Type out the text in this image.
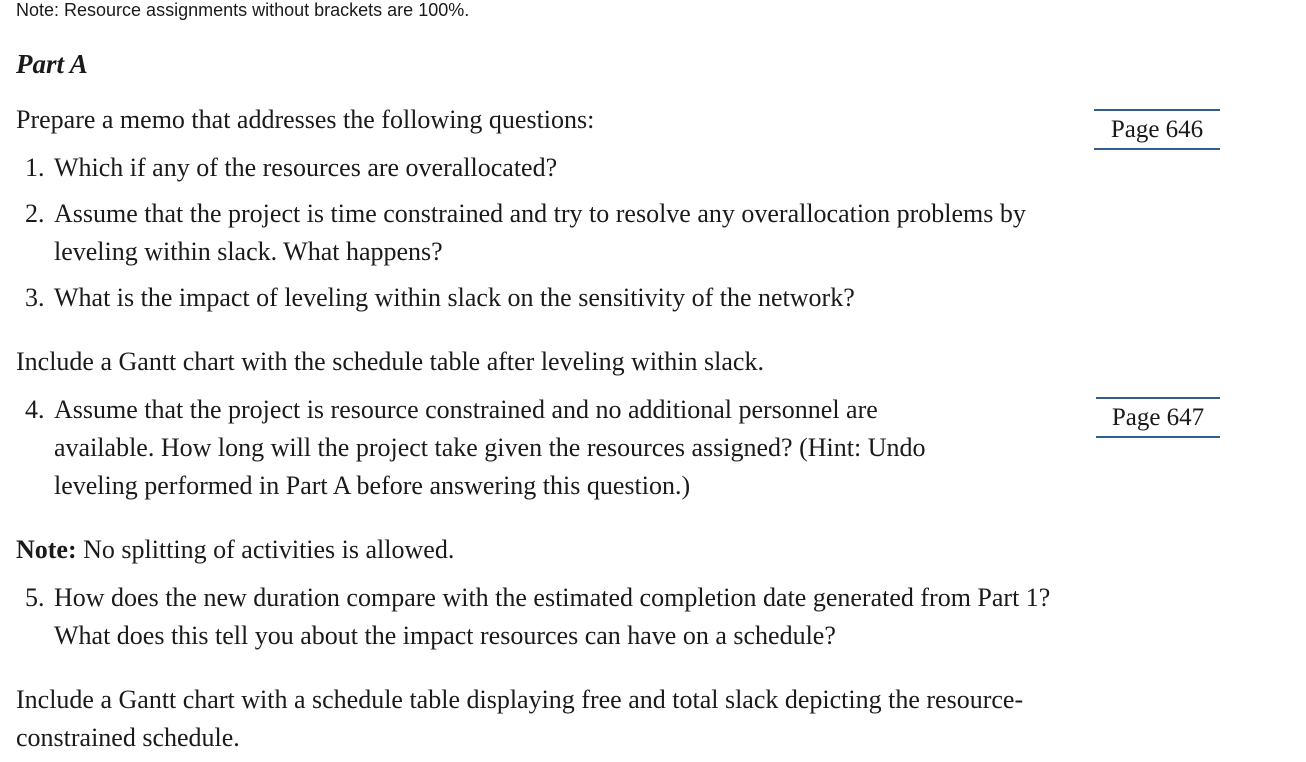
Note: Resource assignments without brackets are 100%.
Part A
Prepare a memo that addresses the following questions:	Page 646
1. Which if any of the resources are overallocated?
2. Assume that the project is time constrained and try to resolve any overallocation problems by
leveling within slack. What happens?
3. What is the impact of leveling within slack on the sensitivity of the network?
Include a Gantt chart with the schedule table after leveling within slack.
4. Assume that the project is resource constrained and no additional personnel are
available. How long will the project take given the resources assigned? (Hint: Undo
leveling performed in Part A before answering this question.)
Page 647
Note: No splitting of activities is allowed.
5. How does the new duration compare with the estimated completion date generated from Part 1?
What does this tell you about the impact resources can have on a schedule?
Include a Gantt chart with a schedule table displaying free and total slack depicting the resource-
constrained schedule.
